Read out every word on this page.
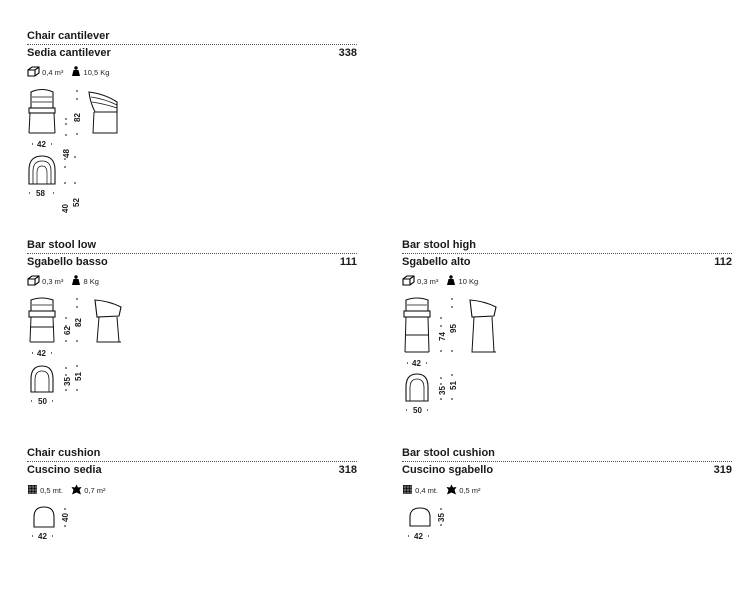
Chair cantilever
Sedia cantilever	338
0,4 m³	10,5 Kg
48
82
42
40
52
58
Bar stool low
Sgabello basso	111
0,3 m³	8 Kg
62
82
42
35
51
50
Bar stool high
Sgabello alto	112
0,3 m³	10 Kg
74
95
42
35
51
50
Chair cushion
Cuscino sedia	318
0,5 mt.	0,7 m²
40
42
Bar stool cushion
Cuscino sgabello	319
0,4 mt.	0,5 m²
35
42
